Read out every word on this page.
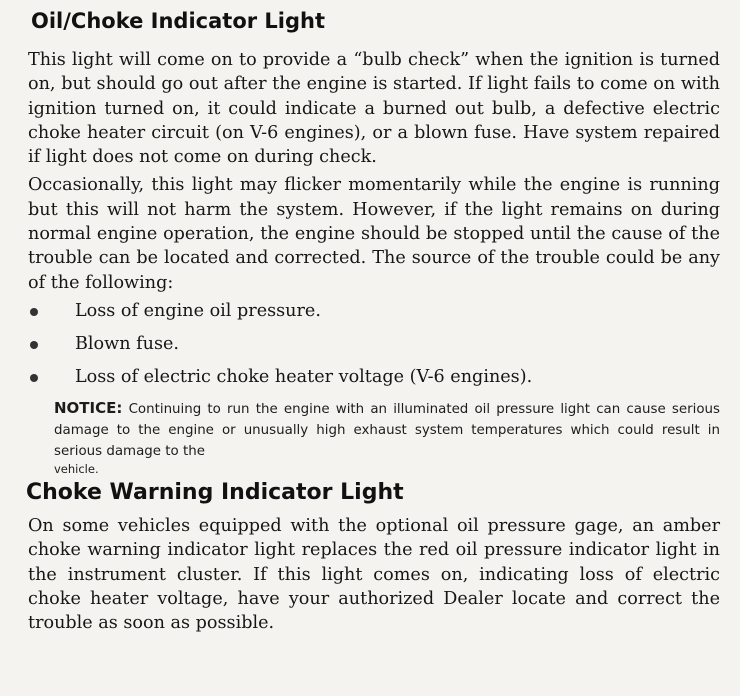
Oil/Choke Indicator Light

This light will come on to provide a “bulb check” when the ignition is turned on, but should go out after the engine is started. If light fails to come on with ignition turned on, it could indicate a burned out bulb, a defective electric choke heater circuit (on V-6 engines), or a blown fuse. Have system repaired if light does not come on during check.

Occasionally, this light may flicker momentarily while the engine is running but this will not harm the system. However, if the light remains on during normal engine operation, the engine should be stopped until the cause of the trouble can be located and corrected. The source of the trouble could be any of the following:

Loss of engine oil pressure.
Blown fuse.
Loss of electric choke heater voltage (V-6 engines).
NOTICE: Continuing to run the engine with an illuminated oil pressure light can cause serious damage to the engine or unusually high exhaust system temperatures which could result in serious damage to the
vehicle.
Choke Warning Indicator Light

On some vehicles equipped with the optional oil pressure gage, an amber choke warning indicator light replaces the red oil pressure indicator light in the instrument cluster. If this light comes on, indicating loss of electric choke heater voltage, have your authorized Dealer locate and correct the trouble as soon as possible.
